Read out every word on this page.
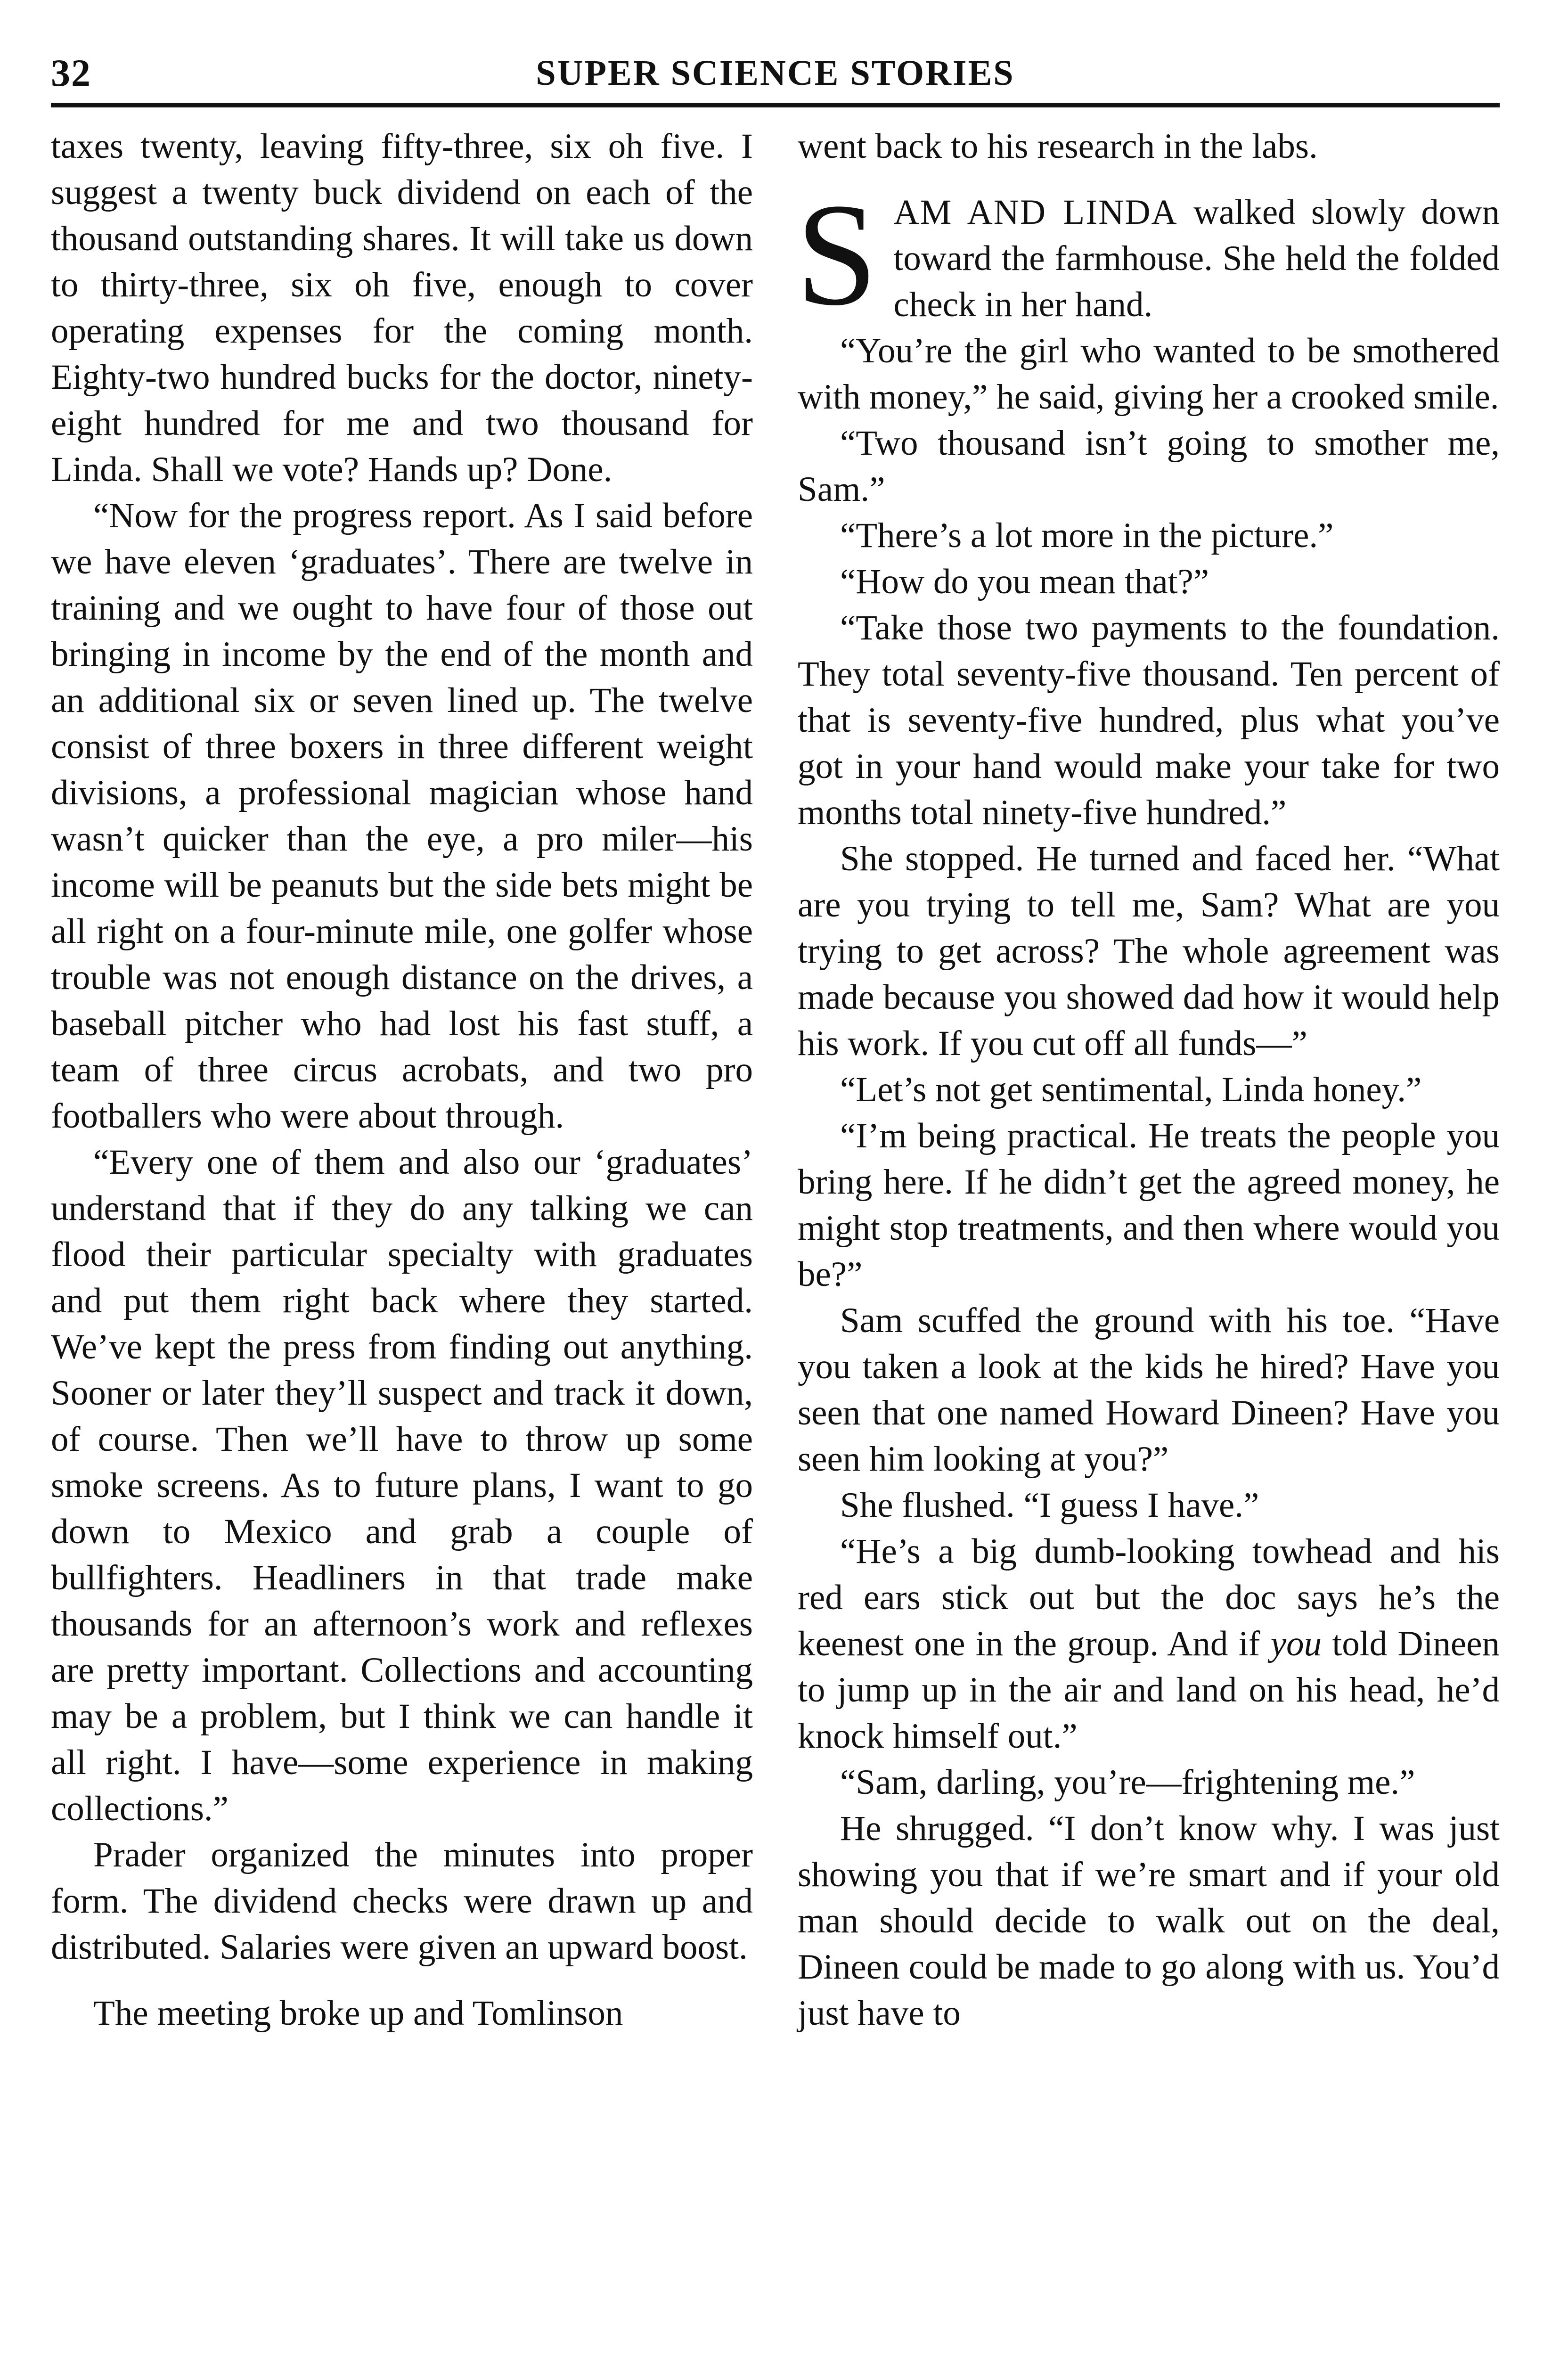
32	SUPER SCIENCE STORIES

taxes twenty, leaving fifty-three, six oh five. I suggest a twenty buck dividend on each of the thousand outstanding shares. It will take us down to thirty-three, six oh five, enough to cover operating expenses for the coming month. Eighty-two hundred bucks for the doctor, ninety-eight hundred for me and two thousand for Linda. Shall we vote? Hands up? Done.

“Now for the progress report. As I said before we have eleven ‘graduates’. There are twelve in training and we ought to have four of those out bringing in income by the end of the month and an additional six or seven lined up. The twelve consist of three boxers in three different weight divisions, a professional magician whose hand wasn’t quicker than the eye, a pro miler—his income will be peanuts but the side bets might be all right on a four-minute mile, one golfer whose trouble was not enough distance on the drives, a baseball pitcher who had lost his fast stuff, a team of three circus acrobats, and two pro footballers who were about through.

“Every one of them and also our ‘graduates’ understand that if they do any talking we can flood their particular specialty with graduates and put them right back where they started. We’ve kept the press from finding out anything. Sooner or later they’ll suspect and track it down, of course. Then we’ll have to throw up some smoke screens. As to future plans, I want to go down to Mexico and grab a couple of bullfighters. Headliners in that trade make thousands for an afternoon’s work and reflexes are pretty important. Collections and accounting may be a problem, but I think we can handle it all right. I have—some experience in making collections.”

Prader organized the minutes into proper form. The dividend checks were drawn up and distributed. Salaries were given an upward boost.

The meeting broke up and Tomlinson

went back to his research in the labs.

SAM AND LINDA walked slowly down toward the farmhouse. She held the folded check in her hand.

“You’re the girl who wanted to be smothered with money,” he said, giving her a crooked smile.

“Two thousand isn’t going to smother me, Sam.”

“There’s a lot more in the picture.”

“How do you mean that?”

“Take those two payments to the foundation. They total seventy-five thousand. Ten percent of that is seventy-five hundred, plus what you’ve got in your hand would make your take for two months total ninety-five hundred.”

She stopped. He turned and faced her. “What are you trying to tell me, Sam? What are you trying to get across? The whole agreement was made because you showed dad how it would help his work. If you cut off all funds—”

“Let’s not get sentimental, Linda honey.”

“I’m being practical. He treats the people you bring here. If he didn’t get the agreed money, he might stop treatments, and then where would you be?”

Sam scuffed the ground with his toe. “Have you taken a look at the kids he hired? Have you seen that one named Howard Dineen? Have you seen him looking at you?”

She flushed. “I guess I have.”

“He’s a big dumb-looking towhead and his red ears stick out but the doc says he’s the keenest one in the group. And if you told Dineen to jump up in the air and land on his head, he’d knock himself out.”

“Sam, darling, you’re—frightening me.”

He shrugged. “I don’t know why. I was just showing you that if we’re smart and if your old man should decide to walk out on the deal, Dineen could be made to go along with us. You’d just have to
